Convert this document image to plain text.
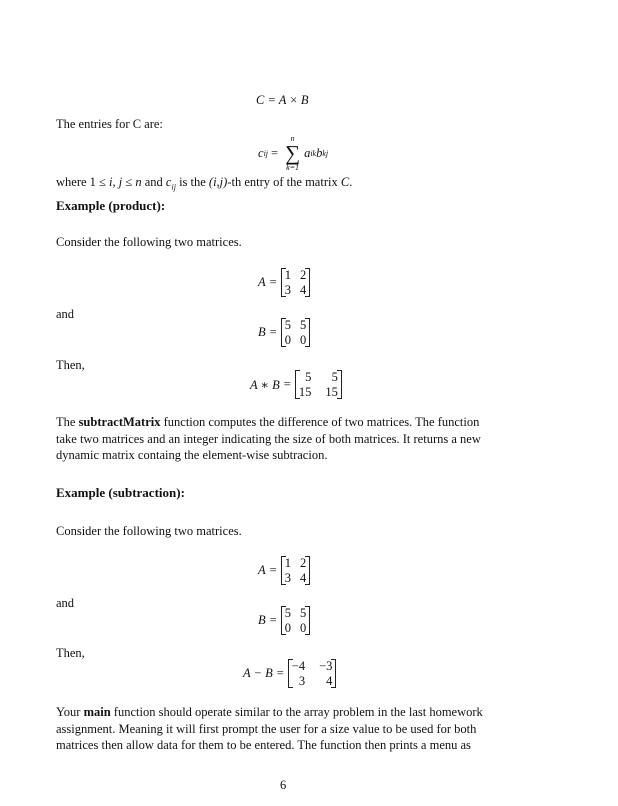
C = A × B
The entries for C are:
c ij =
n
∑
k=1
a ik b kj
where 1 ≤ i, j ≤ n and $c_{ij}$ is the (i,j)-th entry of the matrix C.
Example (product):
Consider the following two matrices.
A = 1 2
3 4
and
B = 5 5
0 0
Then,
A ∗ B =	5	5
15 15
The subtractMatrix function computes the difference of two matrices. The function
take two matrices and an integer indicating the size of both matrices. It returns a new
dynamic matrix containg the element-wise subtracion.
Example (subtraction):
Consider the following two matrices.
A = 1 2
3 4
and
B = 5 5
0 0
Then,
A − B = −4 −3
3	4
Your main function should operate similar to the array problem in the last homework
assignment. Meaning it will first prompt the user for a size value to be used for both
matrices then allow data for them to be entered. The function then prints a menu as
6
